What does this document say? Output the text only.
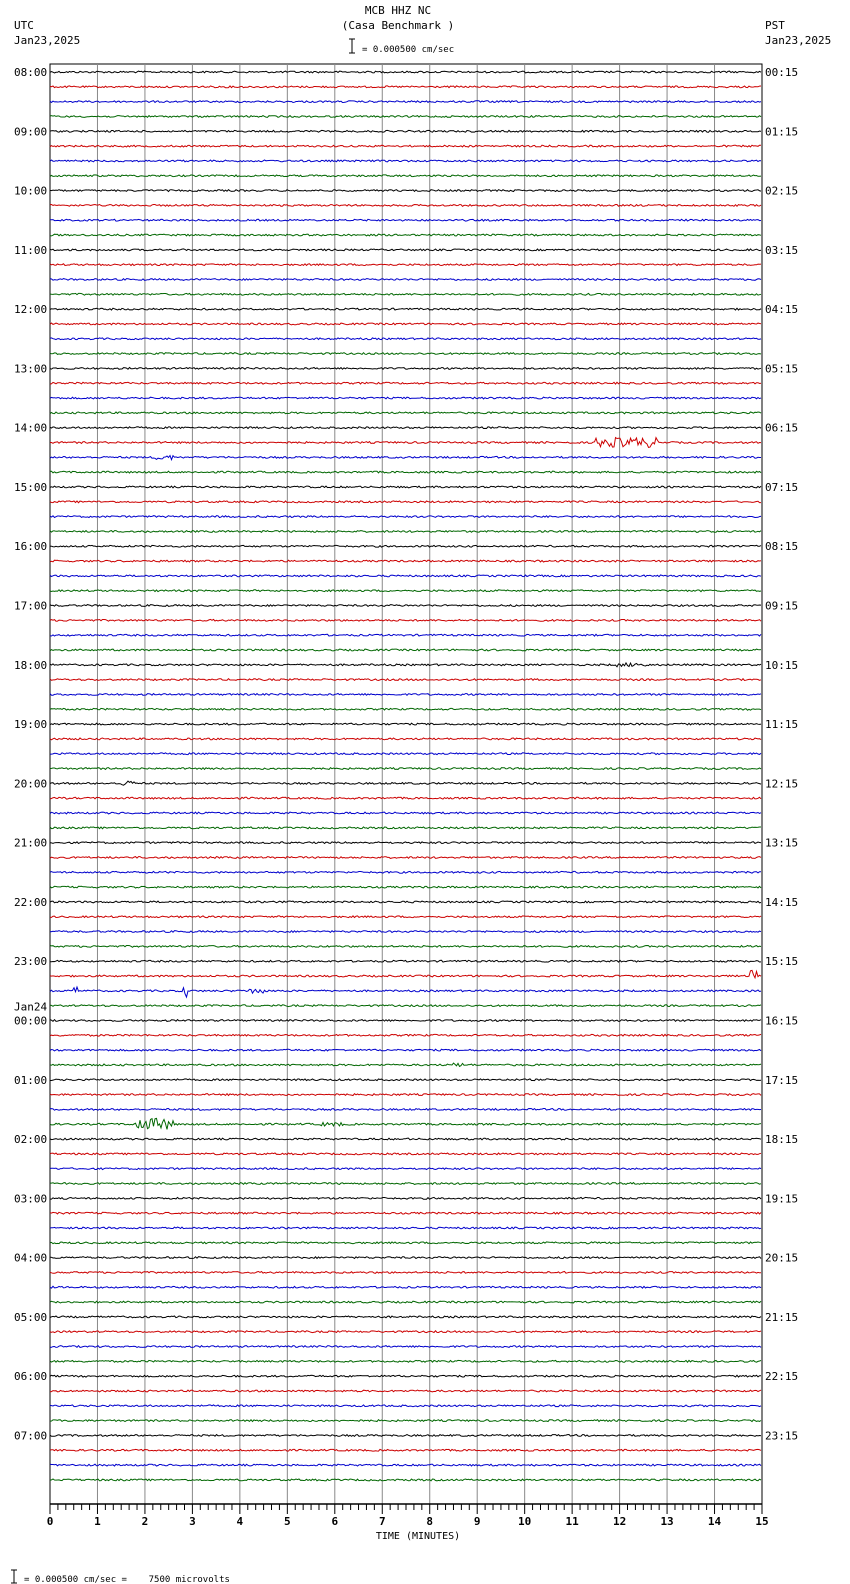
MCB HHZ NC
(Casa Benchmark )
UTC
Jan23,2025
PST
Jan23,2025
= 0.000500 cm/sec
08:00
09:00
10:00
11:00
12:00
13:00
14:00
15:00
16:00
17:00
18:00
19:00
20:00
21:00
22:00
23:00
00:00
Jan24
01:00
02:00
03:00
04:00
05:00
06:00
07:00
00:15
01:15
02:15
03:15
04:15
05:15
06:15
07:15
08:15
09:15
10:15
11:15
12:15
13:15
14:15
15:15
16:15
17:15
18:15
19:15
20:15
21:15
22:15
23:15
0	1	2	3	4	5	6	7	8	9	10	11	12	13	14	15
TIME (MINUTES)
= 0.000500 cm/sec =    7500 microvolts
